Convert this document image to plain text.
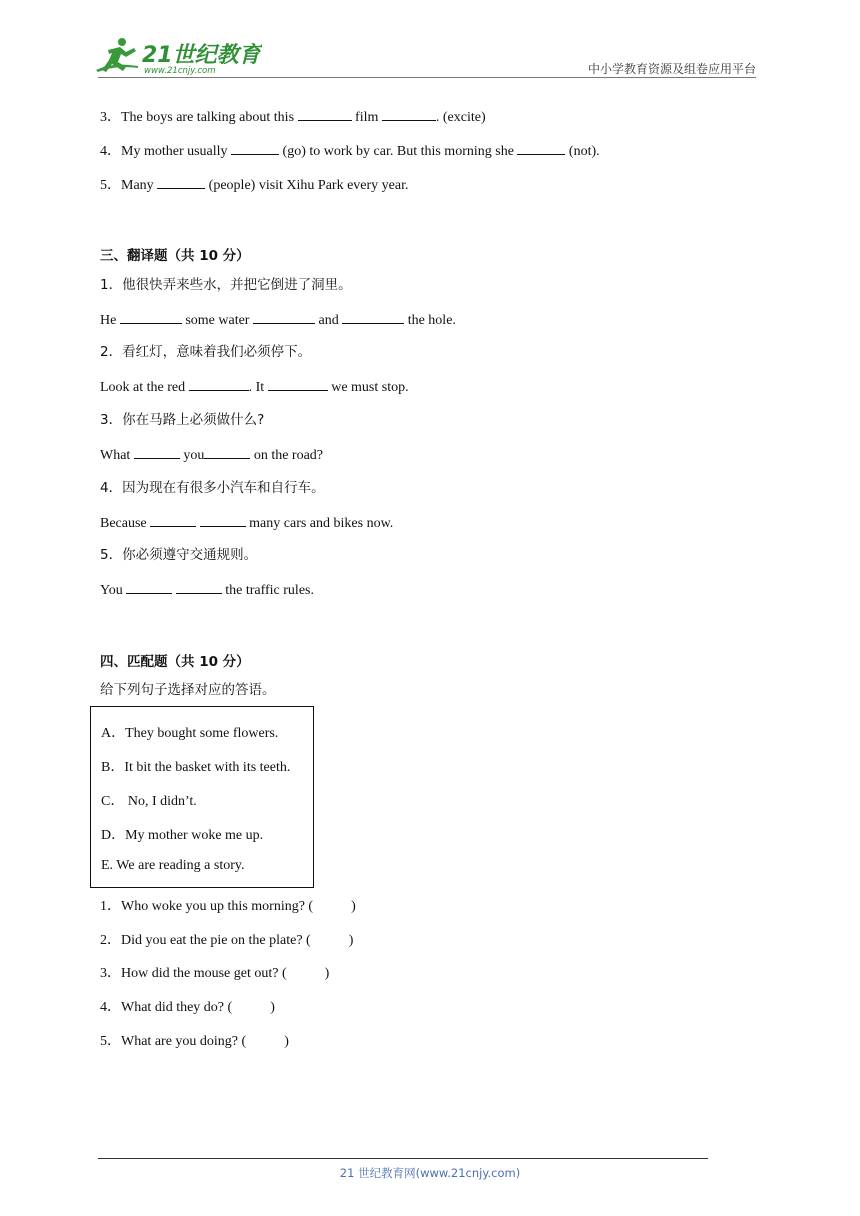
21世纪教育
www.21cnjy.com	中小学教育资源及组卷应用平台
3．The boys are talking about this	film	. (excite)
4．My mother usually	(go) to work by car. But this morning she	(not).
5．Many	(people) visit Xihu Park every year.
三、翻译题（共 10 分）
1．他很快弄来些水，并把它倒进了洞里。
He	some water	and	the hole.
2．看红灯，意味着我们必须停下。
Look at the red	. It	we must stop.
3．你在马路上必须做什么?
What	you	on the road?
4．因为现在有很多小汽车和自行车。
Because	many cars and bikes now.
5．你必须遵守交通规则。
You	the traffic rules.
四、匹配题（共 10 分）
给下列句子选择对应的答语。
A．They bought some flowers.
B．It bit the basket with its teeth.
C． No, I didn’t.
D．My mother woke me up.
E. We are reading a story.
1．Who woke you up this morning? (	)
2．Did you eat the pie on the plate? (	)
3．How did the mouse get out? (	)
4．What did they do? (	)
5．What are you doing? (	)
21 世纪教育网(www.21cnjy.com)
